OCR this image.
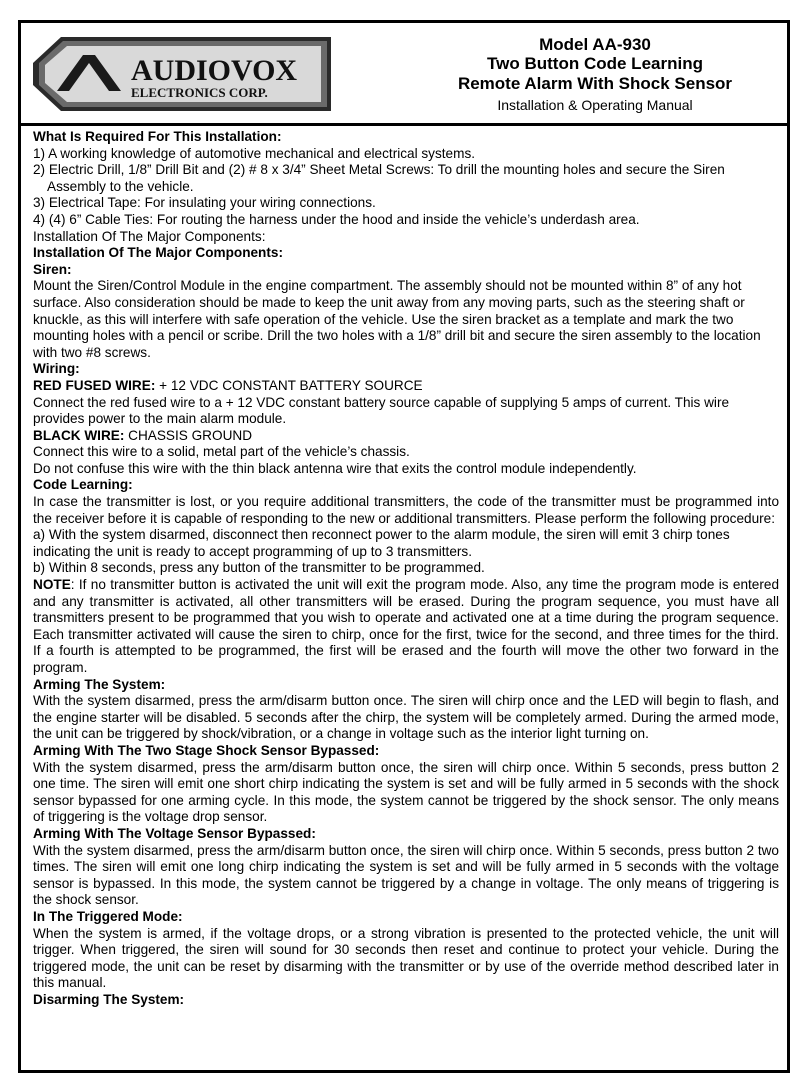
AUDIOVOX
ELECTRONICS CORP.
Model AA-930
Two Button Code Learning
Remote Alarm With Shock Sensor
Installation & Operating Manual

What Is Required For This Installation:

1) A working knowledge of automotive mechanical and electrical systems.

2) Electric Drill, 1/8” Drill Bit and (2) # 8 x 3/4” Sheet Metal Screws: To drill the mounting holes and secure the Siren Assembly to the vehicle.

3) Electrical Tape: For insulating your wiring connections.

4) (4) 6” Cable Ties: For routing the harness under the hood and inside the vehicle’s underdash area.

Installation Of The Major Components:

Installation Of The Major Components:

Siren:

Mount the Siren/Control Module in the engine compartment. The assembly should not be mounted within 8” of any hot surface. Also consideration should be made to keep the unit away from any moving parts, such as the steering shaft or knuckle, as this will interfere with safe operation of the vehicle. Use the siren bracket as a template and mark the two mounting holes with a pencil or scribe. Drill the two holes with a 1/8” drill bit and secure the siren assembly to the location with two #8 screws.

Wiring:

RED FUSED WIRE: + 12 VDC CONSTANT BATTERY SOURCE

Connect the red fused wire to a + 12 VDC constant battery source capable of supplying 5 amps of current. This wire provides power to the main alarm module.

BLACK WIRE: CHASSIS GROUND

Connect this wire to a solid, metal part of the vehicle’s chassis.

Do not confuse this wire with the thin black antenna wire that exits the control module independently.

Code Learning:

In case the transmitter is lost, or you require additional transmitters, the code of the transmitter must be programmed into the receiver before it is capable of responding to the new or additional transmitters. Please perform the following procedure:

a) With the system disarmed, disconnect then reconnect power to the alarm module, the siren will emit 3 chirp tones indicating the unit is ready to accept programming of up to 3 transmitters.

b) Within 8 seconds, press any button of the transmitter to be programmed.

NOTE: If no transmitter button is activated the unit will exit the program mode. Also, any time the program mode is entered and any transmitter is activated, all other transmitters will be erased. During the program sequence, you must have all transmitters present to be programmed that you wish to operate and activated one at a time during the program sequence. Each transmitter activated will cause the siren to chirp, once for the first, twice for the second, and three times for the third. If a fourth is attempted to be programmed, the first will be erased and the fourth will move the other two forward in the program.

Arming The System:

With the system disarmed, press the arm/disarm button once. The siren will chirp once and the LED will begin to flash, and the engine starter will be disabled. 5 seconds after the chirp, the system will be completely armed. During the armed mode, the unit can be triggered by shock/vibration, or a change in voltage such as the interior light turning on.

Arming With The Two Stage Shock Sensor Bypassed:

With the system disarmed, press the arm/disarm button once, the siren will chirp once. Within 5 seconds, press button 2 one time. The siren will emit one short chirp indicating the system is set and will be fully armed in 5 seconds with the shock sensor bypassed for one arming cycle. In this mode, the system cannot be triggered by the shock sensor. The only means of triggering is the voltage drop sensor.

Arming With The Voltage Sensor Bypassed:

With the system disarmed, press the arm/disarm button once, the siren will chirp once. Within 5 seconds, press button 2 two times. The siren will emit one long chirp indicating the system is set and will be fully armed in 5 seconds with the voltage sensor is bypassed. In this mode, the system cannot be triggered by a change in voltage. The only means of triggering is the shock sensor.

In The Triggered Mode:

When the system is armed, if the voltage drops, or a strong vibration is presented to the protected vehicle, the unit will trigger. When triggered, the siren will sound for 30 seconds then reset and continue to protect your vehicle. During the triggered mode, the unit can be reset by disarming with the transmitter or by use of the override method described later in this manual.

Disarming The System:
